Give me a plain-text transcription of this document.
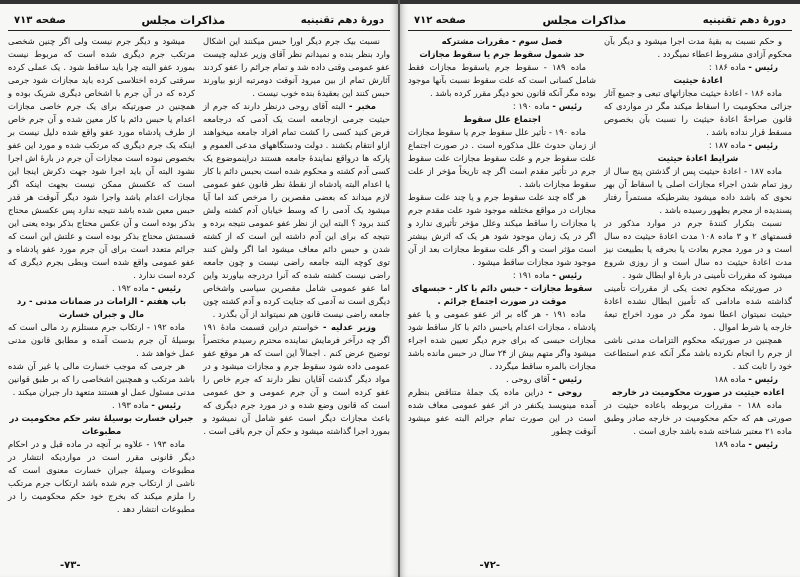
دورهٔ دهم تقنینیه
مذاکرات مجلس
صفحه ۷۱۳

نسبت بیک جرم دیگر اورا حبس میکنند این اشکال وارد بنظر بنده و نمیدانم نظر آقای وزیر عدلیه چیست عفو عمومی وقتی داده شد و تمام جرائم را عفو کردند آثارش تمام از بین میرود آنوقت دومرتبه ازنو بیاورند حبس کنند این بعقیدهٔ بنده خوب نیست .

مخبر - البته آقای روحی درنظر دارند که جرم از حیثیت جرمی ازجامعه است یک آدمی که درجامعه فرض کنید کسی را کشت تمام افراد جامعه میخواهند ازاو انتقام بکشند . دولت ودستگاههای مدعی العموم و پارکه ها درواقع نمایندهٔ جامعه هستند دراینموضوع یک کسی آدم کشته و محکوم شده است بحبس دائم با کار یا اعدام البته پادشاه از نقطهٔ نظر قانون عفو عمومی لازم میداند که بعضی مقصرین را مرخص کند اما آیا میشود یک آدمی را که وسط خیابان آدم کشته ولش کنند برود ؟ البته این از نظر عفو عمومی نتیجه برده و نتیجه که برای این آدم داشته این است که از کشته شدن و حبس دائم معاف میشود اما اگر ولش کنند توی کوچه البته جامعه راضی نیست و چون جامعه راضی نیست کشته شده که آنرا دردرجه بیاورند واین اما عفو عمومی شامل مقصرین سیاسی واشخاص دیگری است نه آدمی که جنایت کرده و آدم کشته چون جامعه راضی نیست قانون هم نمیتواند از آن بگذرد .

وزیر عدلیه - خواستم دراین قسمت مادهٔ ۱۹۱ اگر چه درآخر فرمایش نماینده محترم رسیدم مختصراً توضیح عرض کنم . اجمالاً این است که هر موقع عفو عمومی داده شود سقوط جرم و مجازات میشود و در مواد دیگر گذشت آقایان نظر دارند که جرم خاص را عفو کرده است و آن جرم عمومی و حق عمومی است که قانون وضع شده و در مورد جرم دیگری که باعث مجازات دیگر است عفو شامل آن نمیشود و بمورد اجرا گذاشته میشود و حکم آن جرم باقی است .

میشود و دیگر جرم نیست ولی اگر چنین شخصی مرتکب جرم دیگری شده است که مربوط نیست بمورد عفو البته چرا باید ساقط شود . یک عملی کرده سرقتی کرده اختلاسی کرده باید مجازات شود جرمی کرده که در آن جرم با اشخاص دیگری شریک بوده و همچنین در صورتیکه برای یک جرم خاصی مجازات اعدام یا حبس دائم با کار معین شده و آن جرم خاص از طرف پادشاه مورد عفو واقع شده دلیل نیست بر اینکه یک جرم دیگری که مرتکب شده و مورد این عفو بخصوص نبوده است مجازات آن جرم در بارهٔ اش اجرا نشود البته آن باید اجرا شود جهت ذکرش اینجا این است که عکسش ممکن نیست بجهت اینکه اگر مجازات اعدام باشد واجرا شود دیگر آنوقت هر قدر حبس معین شده باشد نتیجه ندارد پس عکسش محتاج بذکر بوده است و آن عکس محتاج بذکر بوده یعنی این قسمتش محتاج بذکر بوده است و علتش این است که جرائم متعدد است برای آن جرم مورد عفو پادشاه و عفو عمومی واقع شده است وبطی بجرم دیگری که کرده است ندارد .

رئیس - ماده ۱۹۲ .

باب هفتم - الزامات در ضمانات مدنی - رد مال و جبران خسارت

ماده ۱۹۲ - ارتکاب جرم مستلزم رد مالی است که بوسیلهٔ آن جرم بدست آمده و مطابق قانون مدنی عمل خواهد شد .

هر جرمی که موجب خسارت مالی یا غیر آن شده باشد مرتکب و همچنین اشخاصی را که بر طبق قوانین مدنی مسئول عمل او هستند متعهد دار جبران میکند .

رئیس - ماده ۱۹۳ .

جبران خسارت بوسیلهٔ نشر حکم محکومیت در مطبوعات

ماده ۱۹۳ - علاوه بر آنچه در ماده قبل و در احکام دیگر قانونی مقرر است در مواردیکه انتشار در مطبوعات وسیلهٔ جبران خسارت معنوی است که ناشی از ارتکاب جرم شده باشد ارتکاب جرم مرتکب را ملزم میکند که بخرج خود حکم محکومیت را در مطبوعات انتشار دهد .

-۷۳-
دورهٔ دهم تقنینیه
مذاکرات مجلس
صفحه ۷۱۲

و حکم نسبت به بقیهٔ مدت اجرا میشود و دیگر بآن محکوم آزادی مشروط اعطاء نمیگردد .

رئیس - ماده ۱۸۶ :

اعادهٔ حیثیت

ماده ۱۸۶ - اعادهٔ حیثیت مجازاتهای تبعی و جمیع آثار جزائی محکومیت را اسقاط میکند مگر در مواردی که قانون صراحةً اعادهٔ حیثیت را نسبت بآن بخصوص مسقط قرار نداده باشد .

رئیس - ماده ۱۸۷ :

شرایط اعادهٔ حیثیت

ماده ۱۸۷ - اعادهٔ حیثیت پس از گذشتن پنج سال از روز تمام شدن اجراء مجازات اصلی یا اسقاط آن بهر نحوی که باشد داده میشود بشرطیکه مستمراً رفتار پسندیده از مجرم بظهور رسیده باشد .

نسبت بتکرار کنندهٔ جرم در موارد مذکور در قسمتهای ۲ و ۳ ماده ۱۰۸ مدت اعادهٔ حیثیت ده سال است و در مورد مجرم بعادت یا بحرفه یا بطبیعت نیز مدت اعادهٔ حیثیت ده سال است و از روزی شروع میشود که مقررات تأمینی در بارهٔ او ابطال شود .

در صورتیکه محکوم تحت یکی از مقررات تأمینی گذاشته شده مادامی که تأمین ابطال نشده اعادهٔ حیثیت نمیتوان اعطا نمود مگر در مورد اخراج تبعهٔ خارجه یا شرط اموال .

همچنین در صورتیکه محکوم التزامات مدنی ناشی از جرم را انجام نکرده باشد مگر آنکه عدم استطاعت خود را ثابت کند .

رئیس - ماده ۱۸۸

اعاده حیثیت در صورت محکومیت در خارجه

ماده ۱۸۸ - مقررات مربوطه باعاده حیثیت در صورتی هم که حکم محکومیت در خارجه صادر وطبق ماده ۲۱ معتبر شناخته شده باشد جاری است .

رئیس - ماده ۱۸۹

فصل سوم - مقررات مشترکه

حد شمول سقوط جرم یا سقوط مجازات

ماده ۱۸۹ - سقوط جرم یاسقوط مجازات فقط شامل کسانی است که علت سقوط نسبت بآنها موجود بوده مگر آنکه قانون نحو دیگر مقرر کرده باشد .

رئیس - ماده ۱۹۰ :

اجتماع علل سقوط

ماده ۱۹۰ - تأثیر علل سقوط جرم یا سقوط مجازات از زمان حدوث علل مذکوره است . در صورت اجتماع علت سقوط جرم و علت سقوط مجازات علت سقوط جرم در تأثیر مقدم است اگر چه تاریخاً مؤخر از علت سقوط مجازات باشد .

هر گاه چند علت سقوط جرم و یا چند علت سقوط مجازات در مواقع مختلفه موجود شود علت مقدم جرم یا مجازات را ساقط میکند وعلل مؤخر تأثیری ندارد و اگر در یک زمان موجود شود هر یک که اثرش بیشتر است مؤثر است و اگر علت سقوط مجازات بعد از آن موجود شود مجازات ساقط میشود .

رئیس - ماده ۱۹۱ :

سقوط مجازات - حبس دائم با کار - حبسهای موقت در صورت اجتماع جرائم .

ماده ۱۹۱ - هر گاه بر اثر عفو عمومی و یا عفو پادشاه ، مجازات اعدام یاحبس دائم با کار ساقط شود مجازات حبسی که برای جرم دیگر تعیین شده اجراء میشود واگر متهم بیش از ۲۴ سال در حبس مانده باشد مجازات بالمره ساقط میگردد .

رئیس - آقای روحی .

روحی - دراین ماده یک جملهٔ متناقض بنظرم آمده مینویسد یکنفر در اثر عفو عمومی معاف شده است در این صورت تمام جرائم البته عفو میشود آنوقت چطور

-۷۲-
